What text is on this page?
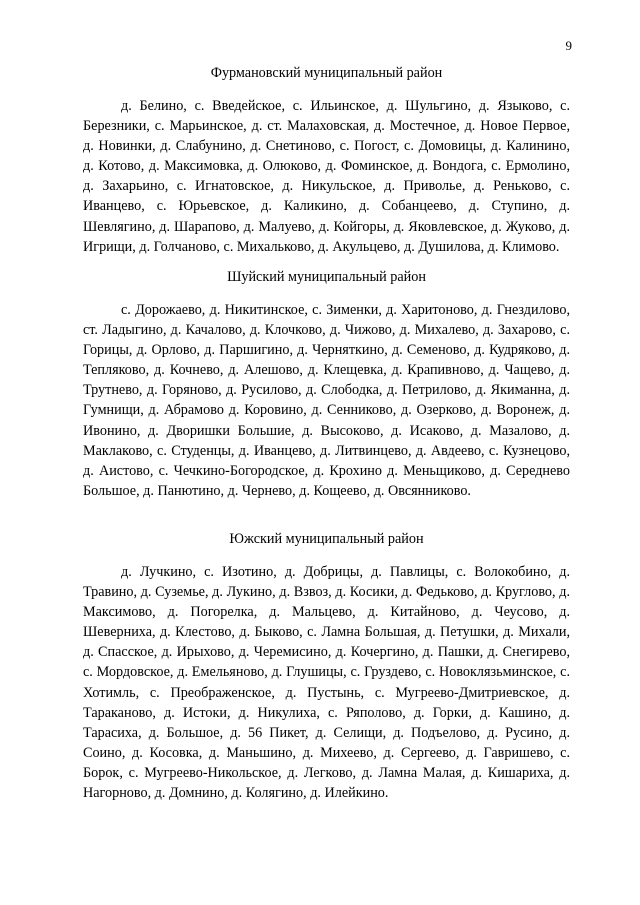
9
Фурмановский муниципальный район

д. Белино, с. Введейское, с. Ильинское, д. Шульгино, д. Языково, с. Березники, с. Марьинское, д. ст. Малаховская, д. Мостечное, д. Новое Первое, д. Новинки, д. Слабунино, д. Снетиново, с. Погост, с. Домовицы, д. Калинино, д. Котово, д. Максимовка, д. Олюково, д. Фоминское, д. Вондога, с. Ермолино, д. Захарьино, с. Игнатовское, д. Никульское, д. Приволье, д. Реньково, с. Иванцево, с. Юрьевское, д. Каликино, д. Собанцеево, д. Ступино, д. Шевлягино, д. Шарапово, д. Малуево, д. Койгоры, д. Яковлевское, д. Жуково, д. Игрищи, д. Голчаново, с. Михальково, д. Акульцево, д. Душилова, д. Климово.

Шуйский муниципальный район

с. Дорожаево, д. Никитинское, с. Зименки, д. Харитоново, д. Гнездилово, ст. Ладыгино, д. Качалово, д. Клочково, д. Чижово, д. Михалево, д. Захарово, с. Горицы, д. Орлово, д. Паршигино, д. Черняткино, д. Семеново, д. Кудряково, д. Тепляково, д. Кочнево, д. Алешово, д. Клещевка, д. Крапивново, д. Чащево, д. Трутнево, д. Горяново, д. Русилово, д. Слободка, д. Петрилово, д. Якиманна, д. Гумнищи, д. Абрамово д. Коровино, д. Сенниково, д. Озерково, д. Воронеж, д. Ивонино, д. Дворишки Большие, д. Высоково, д. Исаково, д. Мазалово, д. Маклаково, с. Студенцы, д. Иванцево, д. Литвинцево, д. Авдеево, с. Кузнецово, д. Аистово, с. Чечкино-Богородское, д. Крохино д. Меньщиково, д. Середнево Большое, д. Панютино, д. Чернево, д. Кощеево, д. Овсянниково.

Южский муниципальный район

д. Лучкино, с. Изотино, д. Добрицы, д. Павлицы, с. Волокобино, д. Травино, д. Суземье, д. Лукино, д. Взвоз, д. Косики, д. Федьково, д. Круглово, д. Максимово, д. Погорелка, д. Мальцево, д. Китайново, д. Чеусово, д. Шеверниха, д. Клестово, д. Быково, с. Ламна Большая, д. Петушки, д. Михали, д. Спасское, д. Ирыхово, д. Черемисино, д. Кочергино, д. Пашки, д. Снегирево, с. Мордовское, д. Емельяново, д. Глушицы, с. Груздево, с. Новоклязьминское, с. Хотимль, с. Преображенское, д. Пустынь, с. Мугреево-Дмитриевское, д. Тараканово, д. Истоки, д. Никулиха, с. Ряполово, д. Горки, д. Кашино, д. Тарасиха, д. Большое, д. 56 Пикет, д. Селищи, д. Подъелово, д. Русино, д. Соино, д. Косовка, д. Маньшино, д. Михеево, д. Сергеево, д. Гавришево, с. Борок, с. Мугреево-Никольское, д. Легково, д. Ламна Малая, д. Кишариха, д. Нагорново, д. Домнино, д. Колягино, д. Илейкино.
